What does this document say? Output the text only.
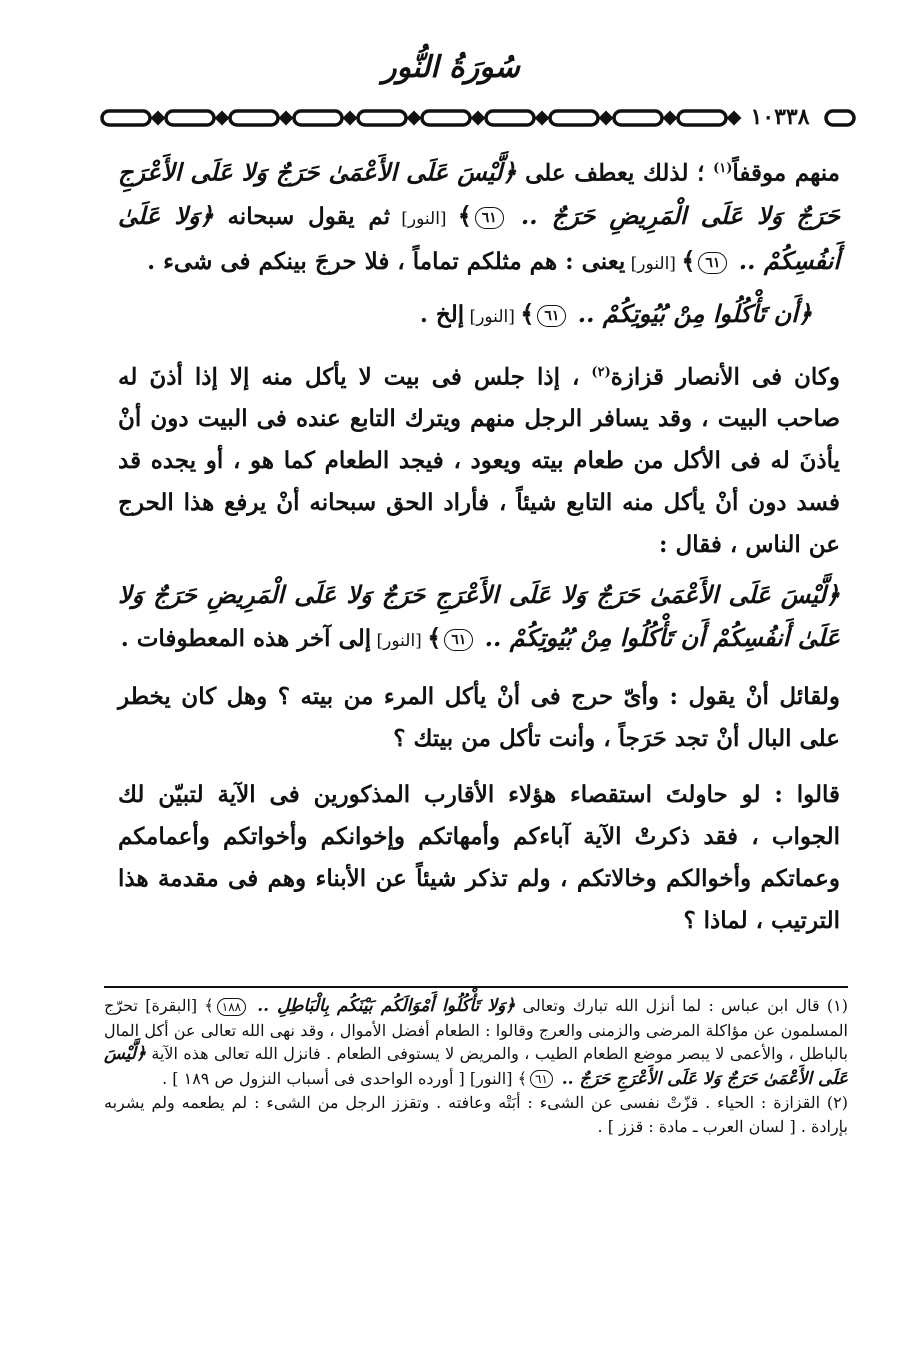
سُورَةُ النُّور
١٠٣٣٨

منهم موقفاً$^{(١)}$ ؛ لذلك يعطف على ﴿لَّيْسَ عَلَى الأَعْمَىٰ حَرَجٌ وَلا عَلَى الأَعْرَجِ حَرَجٌ وَلا عَلَى الْمَرِيضِ حَرَجٌ .. ٦١﴾ [النور] ثم يقول سبحانه ﴿وَلا عَلَىٰ أَنفُسِكُمْ .. ٦١﴾ [النور] يعنى : هم مثلكم تماماً ، فلا حرجَ بينكم فى شىء .

﴿أَن تَأْكُلُوا مِنْ بُيُوتِكُمْ .. ٦١﴾ [النور] إلخ .

وكان فى الأنصار قزازة$^{(٢)}$ ، إذا جلس فى بيت لا يأكل منه إلا إذا أذنَ له صاحب البيت ، وقد يسافر الرجل منهم ويترك التابع عنده فى البيت دون أنْ يأذنَ له فى الأكل من طعام بيته ويعود ، فيجد الطعام كما هو ، أو يجده قد فسد دون أنْ يأكل منه التابع شيئاً ، فأراد الحق سبحانه أنْ يرفع هذا الحرج عن الناس ، فقال :

﴿لَّيْسَ عَلَى الأَعْمَىٰ حَرَجٌ وَلا عَلَى الأَعْرَجِ حَرَجٌ وَلا عَلَى الْمَرِيضِ حَرَجٌ وَلا عَلَىٰ أَنفُسِكُمْ أَن تَأْكُلُوا مِنْ بُيُوتِكُمْ .. ٦١﴾ [النور] إلى آخر هذه المعطوفات .

ولقائل أنْ يقول : وأىّ حرج فى أنْ يأكل المرء من بيته ؟ وهل كان يخطر على البال أنْ تجد حَرَجاً ، وأنت تأكل من بيتك ؟

قالوا : لو حاولتَ استقصاء هؤلاء الأقارب المذكورين فى الآية لتبيّن لك الجواب ، فقد ذكرتْ الآية آباءكم وأمهاتكم وإخوانكم وأخواتكم وأعمامكم وعماتكم وأخوالكم وخالاتكم ، ولم تذكر شيئاً عن الأبناء وهم فى مقدمة هذا الترتيب ، لماذا ؟

(١) قال ابن عباس : لما أنزل الله تبارك وتعالى ﴿وَلا تَأْكُلُوا أَمْوَالَكُم بَيْنَكُم بِالْبَاطِلِ .. ١٨٨﴾ [البقرة] تحرّج المسلمون عن مؤاكلة المرضى والزمنى والعرج وقالوا : الطعام أفضل الأموال ، وقد نهى الله تعالى عن أكل المال بالباطل ، والأعمى لا يبصر موضع الطعام الطيب ، والمريض لا يستوفى الطعام . فانزل الله تعالى هذه الآية ﴿لَّيْسَ عَلَى الأَعْمَىٰ حَرَجٌ وَلا عَلَى الأَعْرَجِ حَرَجٌ .. ٦١﴾ [النور] [ أورده الواحدى فى أسباب النزول ص ١٨٩ ] .

(٢) القزازة : الحياء . قزّتْ نفسى عن الشىء : أبَتْه وعافته . وتقزز الرجل من الشىء : لم يطعمه ولم يشربه بإرادة . [ لسان العرب ـ مادة : قزز ] .
